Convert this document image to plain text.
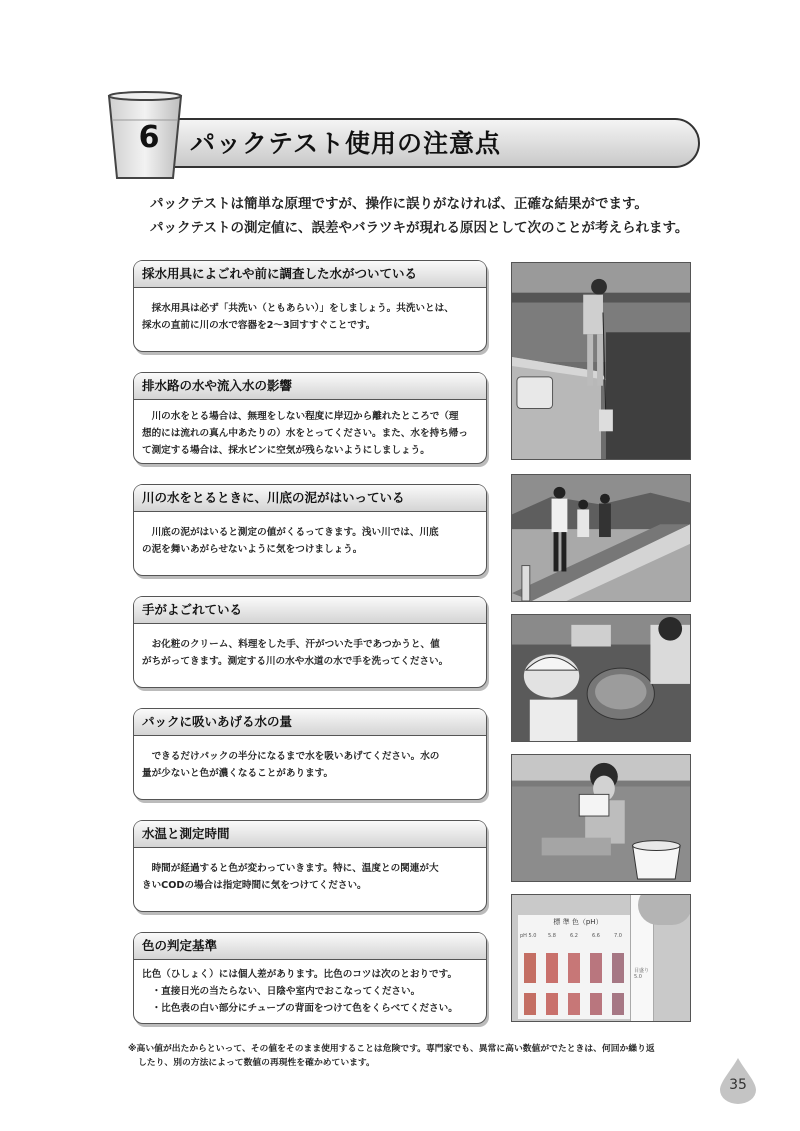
6	パックテスト使用の注意点

パックテストは簡単な原理ですが、操作に誤りがなければ、正確な結果がでます。

パックテストの測定値に、誤差やバラツキが現れる原因として次のことが考えられます。

採水用具によごれや前に調査した水がついている

採水用具は必ず「共洗い（ともあらい）」をしましょう。共洗いとは、

採水の直前に川の水で容器を2〜3回すすぐことです。

排水路の水や流入水の影響

川の水をとる場合は、無理をしない程度に岸辺から離れたところで（理

想的には流れの真ん中あたりの）水をとってください。また、水を持ち帰っ

て測定する場合は、採水ビンに空気が残らないようにしましょう。

川の水をとるときに、川底の泥がはいっている

川底の泥がはいると測定の値がくるってきます。浅い川では、川底

の泥を舞いあがらせないように気をつけましょう。

手がよごれている

お化粧のクリーム、料理をした手、汗がついた手であつかうと、値

がちがってきます。測定する川の水や水道の水で手を洗ってください。

パックに吸いあげる水の量

できるだけパックの半分になるまで水を吸いあげてください。水の

量が少ないと色が濃くなることがあります。

水温と測定時間

時間が経過すると色が変わっていきます。特に、温度との関連が大

きいCODの場合は指定時間に気をつけてください。

色の判定基準

比色（ひしょく）には個人差があります。比色のコツは次のとおりです。

・直接日光の当たらない、日陰や室内でおこなってください。

・比色表の白い部分にチューブの背面をつけて色をくらべてください。

標 準 色（pH）
pH 5.0 5.8	6.2	6.6	7.0
目盛り 5.0

※高い値が出たからといって、その値をそのまま使用することは危険です。専門家でも、異常に高い数値がでたときは、何回か繰り返

したり、別の方法によって数値の再現性を確かめています。

35
